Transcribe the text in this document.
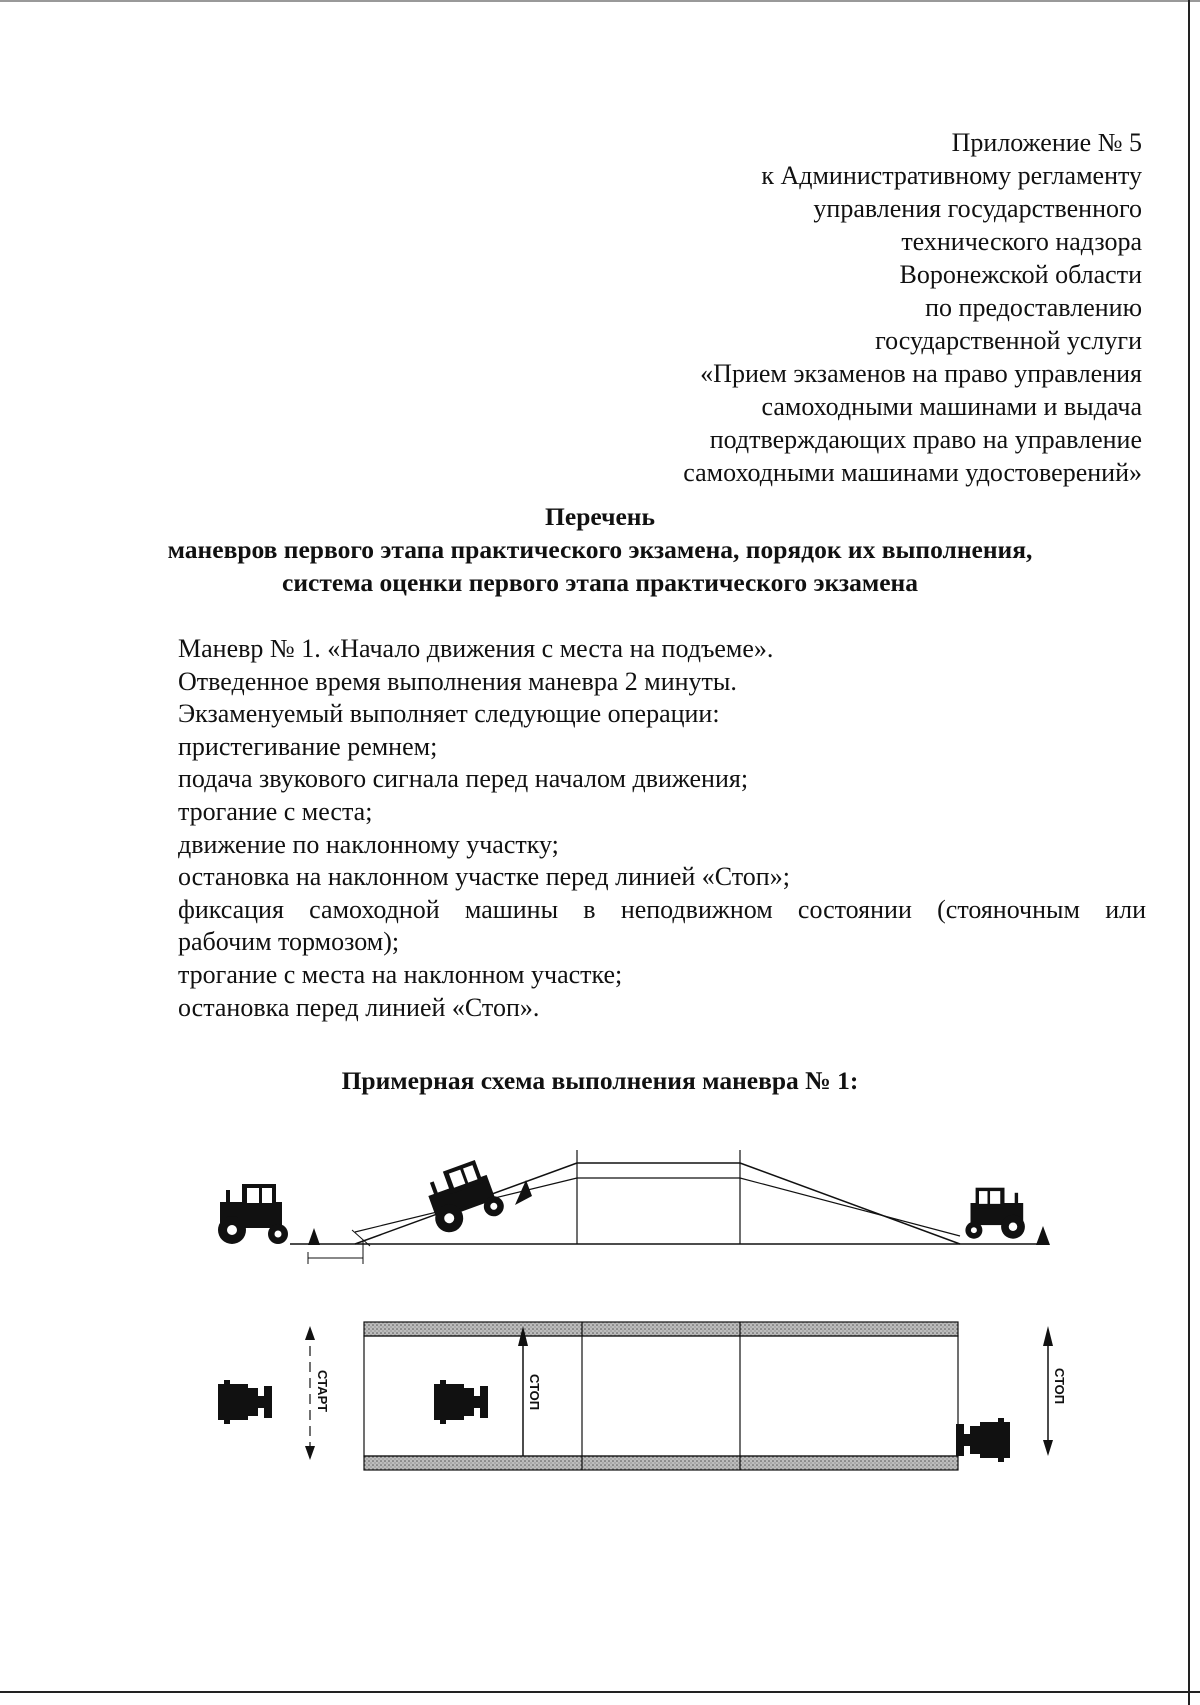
Приложение № 5
к Административному регламенту
управления государственного
технического надзора
Воронежской области
по предоставлению
государственной услуги
«Прием экзаменов на право управления
самоходными машинами и выдача
подтверждающих право на управление
самоходными машинами удостоверений»
Перечень
маневров первого этапа практического экзамена, порядок их выполнения,
система оценки первого этапа практического экзамена
Маневр № 1. «Начало движения с места на подъеме».
Отведенное время выполнения маневра 2 минуты.
Экзаменуемый выполняет следующие операции:
пристегивание ремнем;
подача звукового сигнала перед началом движения;
трогание с места;
движение по наклонному участку;
остановка на наклонном участке перед линией «Стоп»;
фиксация самоходной машины в неподвижном состоянии (стояночным или
рабочим тормозом);
трогание с места на наклонном участке;
остановка перед линией «Стоп».
Примерная схема выполнения маневра № 1:
СТАРТ	СТОП	СТОП
